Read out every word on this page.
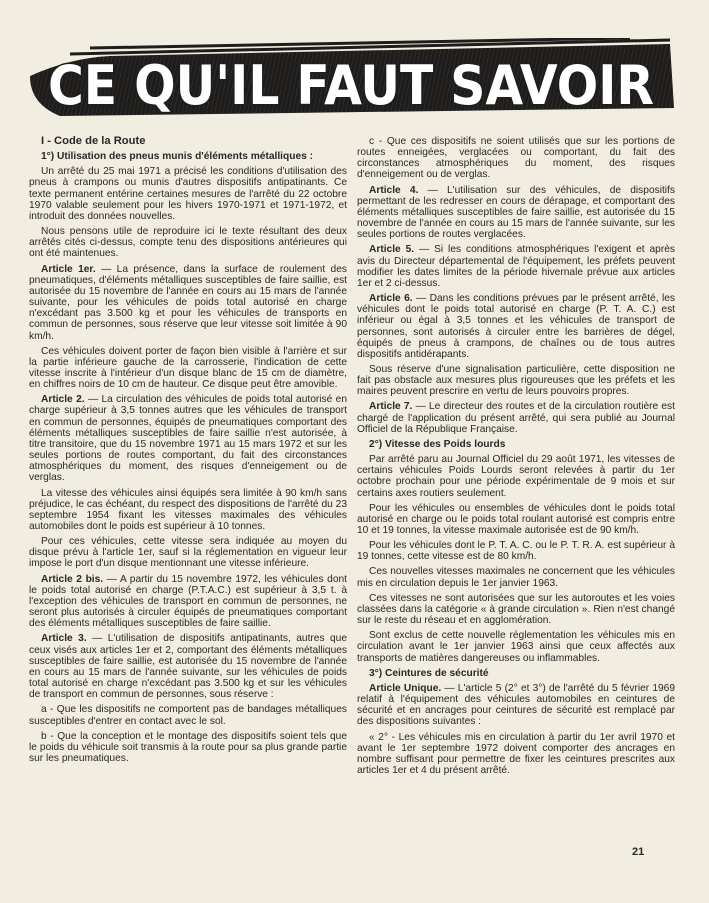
CE QU'IL FAUT SAVOIR

I - Code de la Route

1°) Utilisation des pneus munis d'éléments métalliques :

Un arrêté du 25 mai 1971 a précisé les conditions d'utilisation des pneus à crampons ou munis d'autres dispositifs antipatinants. Ce texte permanent entérine certaines mesures de l'arrêté du 22 octobre 1970 valable seulement pour les hivers 1970-1971 et 1971-1972, et introduit des données nouvelles.

Nous pensons utile de reproduire ici le texte résultant des deux arrêtés cités ci-dessus, compte tenu des dispositions antérieures qui ont été maintenues.

Article 1er. — La présence, dans la surface de roulement des pneumatiques, d'éléments métalliques susceptibles de faire saillie, est autorisée du 15 novembre de l'année en cours au 15 mars de l'année suivante, pour les véhicules de poids total autorisé en charge n'excédant pas 3.500 kg et pour les véhicules de transports en commun de personnes, sous réserve que leur vitesse soit limitée à 90 km/h.

Ces véhicules doivent porter de façon bien visible à l'arrière et sur la partie inférieure gauche de la carrosserie, l'indication de cette vitesse inscrite à l'intérieur d'un disque blanc de 15 cm de diamètre, en chiffres noirs de 10 cm de hauteur. Ce disque peut être amovible.

Article 2. — La circulation des véhicules de poids total autorisé en charge supérieur à 3,5 tonnes autres que les véhicules de transport en commun de personnes, équipés de pneumatiques comportant des éléments métalliques susceptibles de faire saillie n'est autorisée, à titre transitoire, que du 15 novembre 1971 au 15 mars 1972 et sur les seules portions de routes comportant, du fait des circonstances atmosphériques du moment, des risques d'enneigement ou de verglas.

La vitesse des véhicules ainsi équipés sera limitée à 90 km/h sans préjudice, le cas échéant, du respect des dispositions de l'arrêté du 23 septembre 1954 fixant les vitesses maximales des véhicules automobiles dont le poids est supérieur à 10 tonnes.

Pour ces véhicules, cette vitesse sera indiquée au moyen du disque prévu à l'article 1er, sauf si la réglementation en vigueur leur impose le port d'un disque mentionnant une vitesse inférieure.

Article 2 bis. — A partir du 15 novembre 1972, les véhicules dont le poids total autorisé en charge (P.T.A.C.) est supérieur à 3,5 t. à l'exception des véhicules de transport en commun de personnes, ne seront plus autorisés à circuler équipés de pneumatiques comportant des éléments métalliques susceptibles de faire saillie.

Article 3. — L'utilisation de dispositifs antipatinants, autres que ceux visés aux articles 1er et 2, comportant des éléments métalliques susceptibles de faire saillie, est autorisée du 15 novembre de l'année en cours au 15 mars de l'année suivante, sur les véhicules de poids total autorisé en charge n'excédant pas 3.500 kg et sur les véhicules de transport en commun de personnes, sous réserve :

a - Que les dispositifs ne comportent pas de bandages métalliques susceptibles d'entrer en contact avec le sol.

b - Que la conception et le montage des dispositifs soient tels que le poids du véhicule soit transmis à la route pour sa plus grande partie sur les pneumatiques.

c - Que ces dispositifs ne soient utilisés que sur les portions de routes enneigées, verglacées ou comportant, du fait des circonstances atmosphériques du moment, des risques d'enneigement ou de verglas.

Article 4. — L'utilisation sur des véhicules, de dispositifs permettant de les redresser en cours de dérapage, et comportant des éléments métalliques susceptibles de faire saillie, est autorisée du 15 novembre de l'année en cours au 15 mars de l'année suivante, sur les seules portions de routes verglacées.

Article 5. — Si les conditions atmosphériques l'exigent et après avis du Directeur départemental de l'équipement, les préfets peuvent modifier les dates limites de la période hivernale prévue aux articles 1er et 2 ci-dessus.

Article 6. — Dans les conditions prévues par le présent arrêté, les véhicules dont le poids total autorisé en charge (P. T. A. C.) est inférieur ou égal à 3,5 tonnes et les véhicules de transport de personnes, sont autorisés à circuler entre les barrières de dégel, équipés de pneus à crampons, de chaînes ou de tous autres dispositifs antidérapants.

Sous réserve d'une signalisation particulière, cette disposition ne fait pas obstacle aux mesures plus rigoureuses que les préfets et les maires peuvent prescrire en vertu de leurs pouvoirs propres.

Article 7. — Le directeur des routes et de la circulation routière est chargé de l'application du présent arrêté, qui sera publié au Journal Officiel de la République Française.

2°) Vitesse des Poids lourds

Par arrêté paru au Journal Officiel du 29 août 1971, les vitesses de certains véhicules Poids Lourds seront relevées à partir du 1er octobre prochain pour une période expérimentale de 9 mois et sur certains axes routiers seulement.

Pour les véhicules ou ensembles de véhicules dont le poids total autorisé en charge ou le poids total roulant autorisé est compris entre 10 et 19 tonnes, la vitesse maximale autorisée est de 90 km/h.

Pour les véhicules dont le P. T. A. C. ou le P. T. R. A. est supérieur à 19 tonnes, cette vitesse est de 80 km/h.

Ces nouvelles vitesses maximales ne concernent que les véhicules mis en circulation depuis le 1er janvier 1963.

Ces vitesses ne sont autorisées que sur les autoroutes et les voies classées dans la catégorie « à grande circulation ». Rien n'est changé sur le reste du réseau et en agglomération.

Sont exclus de cette nouvelle réglementation les véhicules mis en circulation avant le 1er janvier 1963 ainsi que ceux affectés aux transports de matières dangereuses ou inflammables.

3°) Ceintures de sécurité

Article Unique. — L'article 5 (2° et 3°) de l'arrêté du 5 février 1969 relatif à l'équipement des véhicules automobiles en ceintures de sécurité et en ancrages pour ceintures de sécurité est remplacé par des dispositions suivantes :

« 2° - Les véhicules mis en circulation à partir du 1er avril 1970 et avant le 1er septembre 1972 doivent comporter des ancrages en nombre suffisant pour permettre de fixer les ceintures prescrites aux articles 1er et 4 du présent arrêté.

21
